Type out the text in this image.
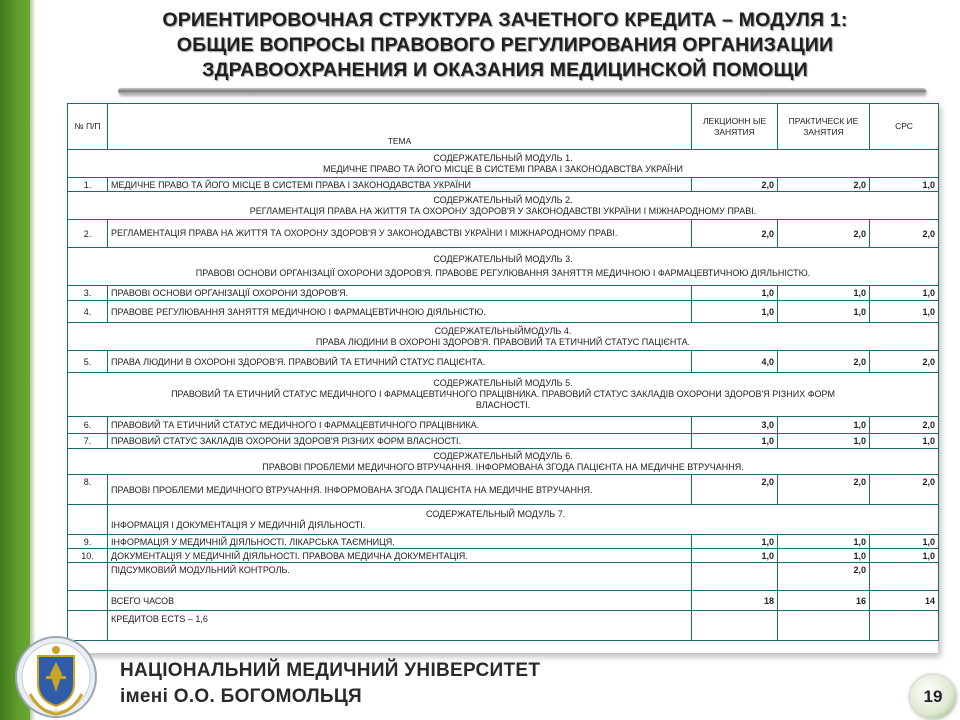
ОРИЕНТИРОВОЧНАЯ СТРУКТУРА ЗАЧЕТНОГО КРЕДИТА – МОДУЛЯ 1:
ОБЩИЕ ВОПРОСЫ ПРАВОВОГО РЕГУЛИРОВАНИЯ ОРГАНИЗАЦИИ
ЗДРАВООХРАНЕНИЯ И ОКАЗАНИЯ МЕДИЦИНСКОЙ ПОМОЩИ
№ П/П	ТЕМА	ЛЕКЦИОНН ЫЕ ЗАНЯТИЯ	ПРАКТИЧЕСК ИЕ ЗАНЯТИЯ	СРС

СОДЕРЖАТЕЛЬНЫЙ МОДУЛЬ 1.
МЕДИЧНЕ ПРАВО ТА ЙОГО МІСЦЕ В СИСТЕМІ ПРАВА І ЗАКОНОДАВСТВА УКРАЇНИ				

1.	МЕДИЧНЕ ПРАВО ТА ЙОГО МІСЦЕ В СИСТЕМІ ПРАВА І ЗАКОНОДАВСТВА УКРАЇНИ	2,0	2,0	1,0

СОДЕРЖАТЕЛЬНЫЙ МОДУЛЬ 2.
РЕГЛАМЕНТАЦІЯ ПРАВА НА ЖИТТЯ ТА ОХОРОНУ ЗДОРОВ'Я У ЗАКОНОДАВСТВІ УКРАЇНИ І МІЖНАРОДНОМУ ПРАВІ.				

2.	РЕГЛАМЕНТАЦІЯ ПРАВА НА ЖИТТЯ ТА ОХОРОНУ ЗДОРОВ'Я У ЗАКОНОДАВСТВІ УКРАЇНИ І МІЖНАРОДНОМУ ПРАВІ.	2,0	2,0	2,0

СОДЕРЖАТЕЛЬНЫЙ МОДУЛЬ 3.
ПРАВОВІ ОСНОВИ ОРГАНІЗАЦІЇ ОХОРОНИ ЗДОРОВ'Я. ПРАВОВЕ РЕГУЛЮВАННЯ ЗАНЯТТЯ МЕДИЧНОЮ І ФАРМАЦЕВТИЧНОЮ ДІЯЛЬНІСТЮ.				

3.	ПРАВОВІ ОСНОВИ ОРГАНІЗАЦІЇ ОХОРОНИ ЗДОРОВ'Я.	1,0	1,0	1,0
4.	ПРАВОВЕ РЕГУЛЮВАННЯ ЗАНЯТТЯ МЕДИЧНОЮ І ФАРМАЦЕВТИЧНОЮ ДІЯЛЬНІСТЮ.	1,0	1,0	1,0

СОДЕРЖАТЕЛЬНЫЙМОДУЛЬ 4.
ПРАВА ЛЮДИНИ В ОХОРОНІ ЗДОРОВ'Я. ПРАВОВИЙ ТА ЕТИЧНИЙ СТАТУС ПАЦІЄНТА.				

5.	ПРАВА ЛЮДИНИ В ОХОРОНІ ЗДОРОВ'Я. ПРАВОВИЙ ТА ЕТИЧНИЙ СТАТУС ПАЦІЄНТА.	4,0	2,0	2,0

СОДЕРЖАТЕЛЬНЫЙ МОДУЛЬ 5.
ПРАВОВИЙ ТА ЕТИЧНИЙ СТАТУС МЕДИЧНОГО І ФАРМАЦЕВТИЧНОГО ПРАЦІВНИКА. ПРАВОВИЙ СТАТУС ЗАКЛАДІВ ОХОРОНИ ЗДОРОВ'Я РІЗНИХ ФОРМ ВЛАСНОСТІ.				

6.	ПРАВОВИЙ ТА ЕТИЧНИЙ СТАТУС МЕДИЧНОГО І ФАРМАЦЕВТИЧНОГО ПРАЦІВНИКА.	3,0	1,0	2,0
7.	ПРАВОВИЙ СТАТУС ЗАКЛАДІВ ОХОРОНИ ЗДОРОВ'Я РІЗНИХ ФОРМ ВЛАСНОСТІ.	1,0	1,0	1,0

СОДЕРЖАТЕЛЬНЫЙ МОДУЛЬ 6.
ПРАВОВІ ПРОБЛЕМИ МЕДИЧНОГО ВТРУЧАННЯ. ІНФОРМОВАНА ЗГОДА ПАЦІЄНТА НА МЕДИЧНЕ ВТРУЧАННЯ.				

8.	ПРАВОВІ ПРОБЛЕМИ МЕДИЧНОГО ВТРУЧАННЯ. ІНФОРМОВАНА ЗГОДА ПАЦІЄНТА НА МЕДИЧНЕ ВТРУЧАННЯ.	2,0	2,0	2,0

	СОДЕРЖАТЕЛЬНЫЙ МОДУЛЬ 7.
ІНФОРМАЦІЯ І ДОКУМЕНТАЦІЯ У МЕДИЧНІЙ ДІЯЛЬНОСТІ.			

9.	ІНФОРМАЦІЯ У МЕДИЧНІЙ ДІЯЛЬНОСТІ. ЛІКАРСЬКА ТАЄМНИЦЯ.	1,0	1,0	1,0
10.	ДОКУМЕНТАЦІЯ У МЕДИЧНІЙ ДІЯЛЬНОСТІ. ПРАВОВА МЕДИЧНА ДОКУМЕНТАЦІЯ.	1,0	1,0	1,0
	ПІДСУМКОВИЙ МОДУЛЬНИЙ КОНТРОЛЬ.		2,0	
	ВСЕГО ЧАСОВ	18	16	14
	КРЕДИТОВ ECTS – 1,6			
НАЦІОНАЛЬНИЙ МЕДИЧНИЙ УНІВЕРСИТЕТ
імені О.О. БОГОМОЛЬЦЯ	19
